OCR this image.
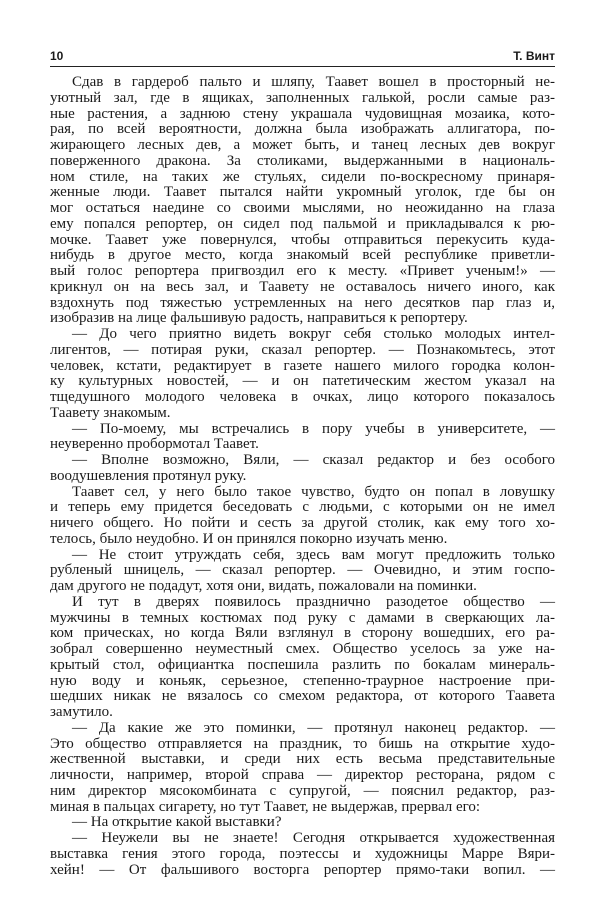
10	Т. Винт
Сдав в гардероб пальто и шляпу, Таавет вошел в просторный не-
уютный зал, где в ящиках, заполненных галькой, росли самые раз-
ные растения, а заднюю стену украшала чудовищная мозаика, кото-
рая, по всей вероятности, должна была изображать аллигатора, по-
жирающего лесных дев, а может быть, и танец лесных дев вокруг
поверженного дракона. За столиками, выдержанными в националь-
ном стиле, на таких же стульях, сидели по-воскресному принаря-
женные люди. Таавет пытался найти укромный уголок, где бы он
мог остаться наедине со своими мыслями, но неожиданно на глаза
ему попался репортер, он сидел под пальмой и прикладывался к рю-
мочке. Таавет уже повернулся, чтобы отправиться перекусить куда-
нибудь в другое место, когда знакомый всей республике приветли-
вый голос репортера пригвоздил его к месту. «Привет ученым!» —
крикнул он на весь зал, и Таавету не оставалось ничего иного, как
вздохнуть под тяжестью устремленных на него десятков пар глаз и,
изобразив на лице фальшивую радость, направиться к репортеру.
— До чего приятно видеть вокруг себя столько молодых интел-
лигентов, — потирая руки, сказал репортер. — Познакомьтесь, этот
человек, кстати, редактирует в газете нашего милого городка колон-
ку культурных новостей, — и он патетическим жестом указал на
тщедушного молодого человека в очках, лицо которого показалось
Таавету знакомым.
— По-моему, мы встречались в пору учебы в университете, —
неуверенно пробормотал Таавет.
— Вполне возможно, Вяли, — сказал редактор и без особого
воодушевления протянул руку.
Таавет сел, у него было такое чувство, будто он попал в ловушку
и теперь ему придется беседовать с людьми, с которыми он не имел
ничего общего. Но пойти и сесть за другой столик, как ему того хо-
телось, было неудобно. И он принялся покорно изучать меню.
— Не стоит утруждать себя, здесь вам могут предложить только
рубленый шницель, — сказал репортер. — Очевидно, и этим госпо-
дам другого не подадут, хотя они, видать, пожаловали на поминки.
И тут в дверях появилось празднично разодетое общество —
мужчины в темных костюмах под руку с дамами в сверкающих ла-
ком прическах, но когда Вяли взглянул в сторону вошедших, его ра-
зобрал совершенно неуместный смех. Общество уселось за уже на-
крытый стол, официантка поспешила разлить по бокалам минераль-
ную воду и коньяк, серьезное, степенно-траурное настроение при-
шедших никак не вязалось со смехом редактора, от которого Таавета
замутило.
— Да какие же это поминки, — протянул наконец редактор. —
Это общество отправляется на праздник, то бишь на открытие худо-
жественной выставки, и среди них есть весьма представительные
личности, например, второй справа — директор ресторана, рядом с
ним директор мясокомбината с супругой, — пояснил редактор, раз-
миная в пальцах сигарету, но тут Таавет, не выдержав, прервал его:
— На открытие какой выставки?
— Неужели вы не знаете! Сегодня открывается художественная
выставка гения этого города, поэтессы и художницы Марре Вяри-
хейн! — От фальшивого восторга репортер прямо-таки вопил. —
